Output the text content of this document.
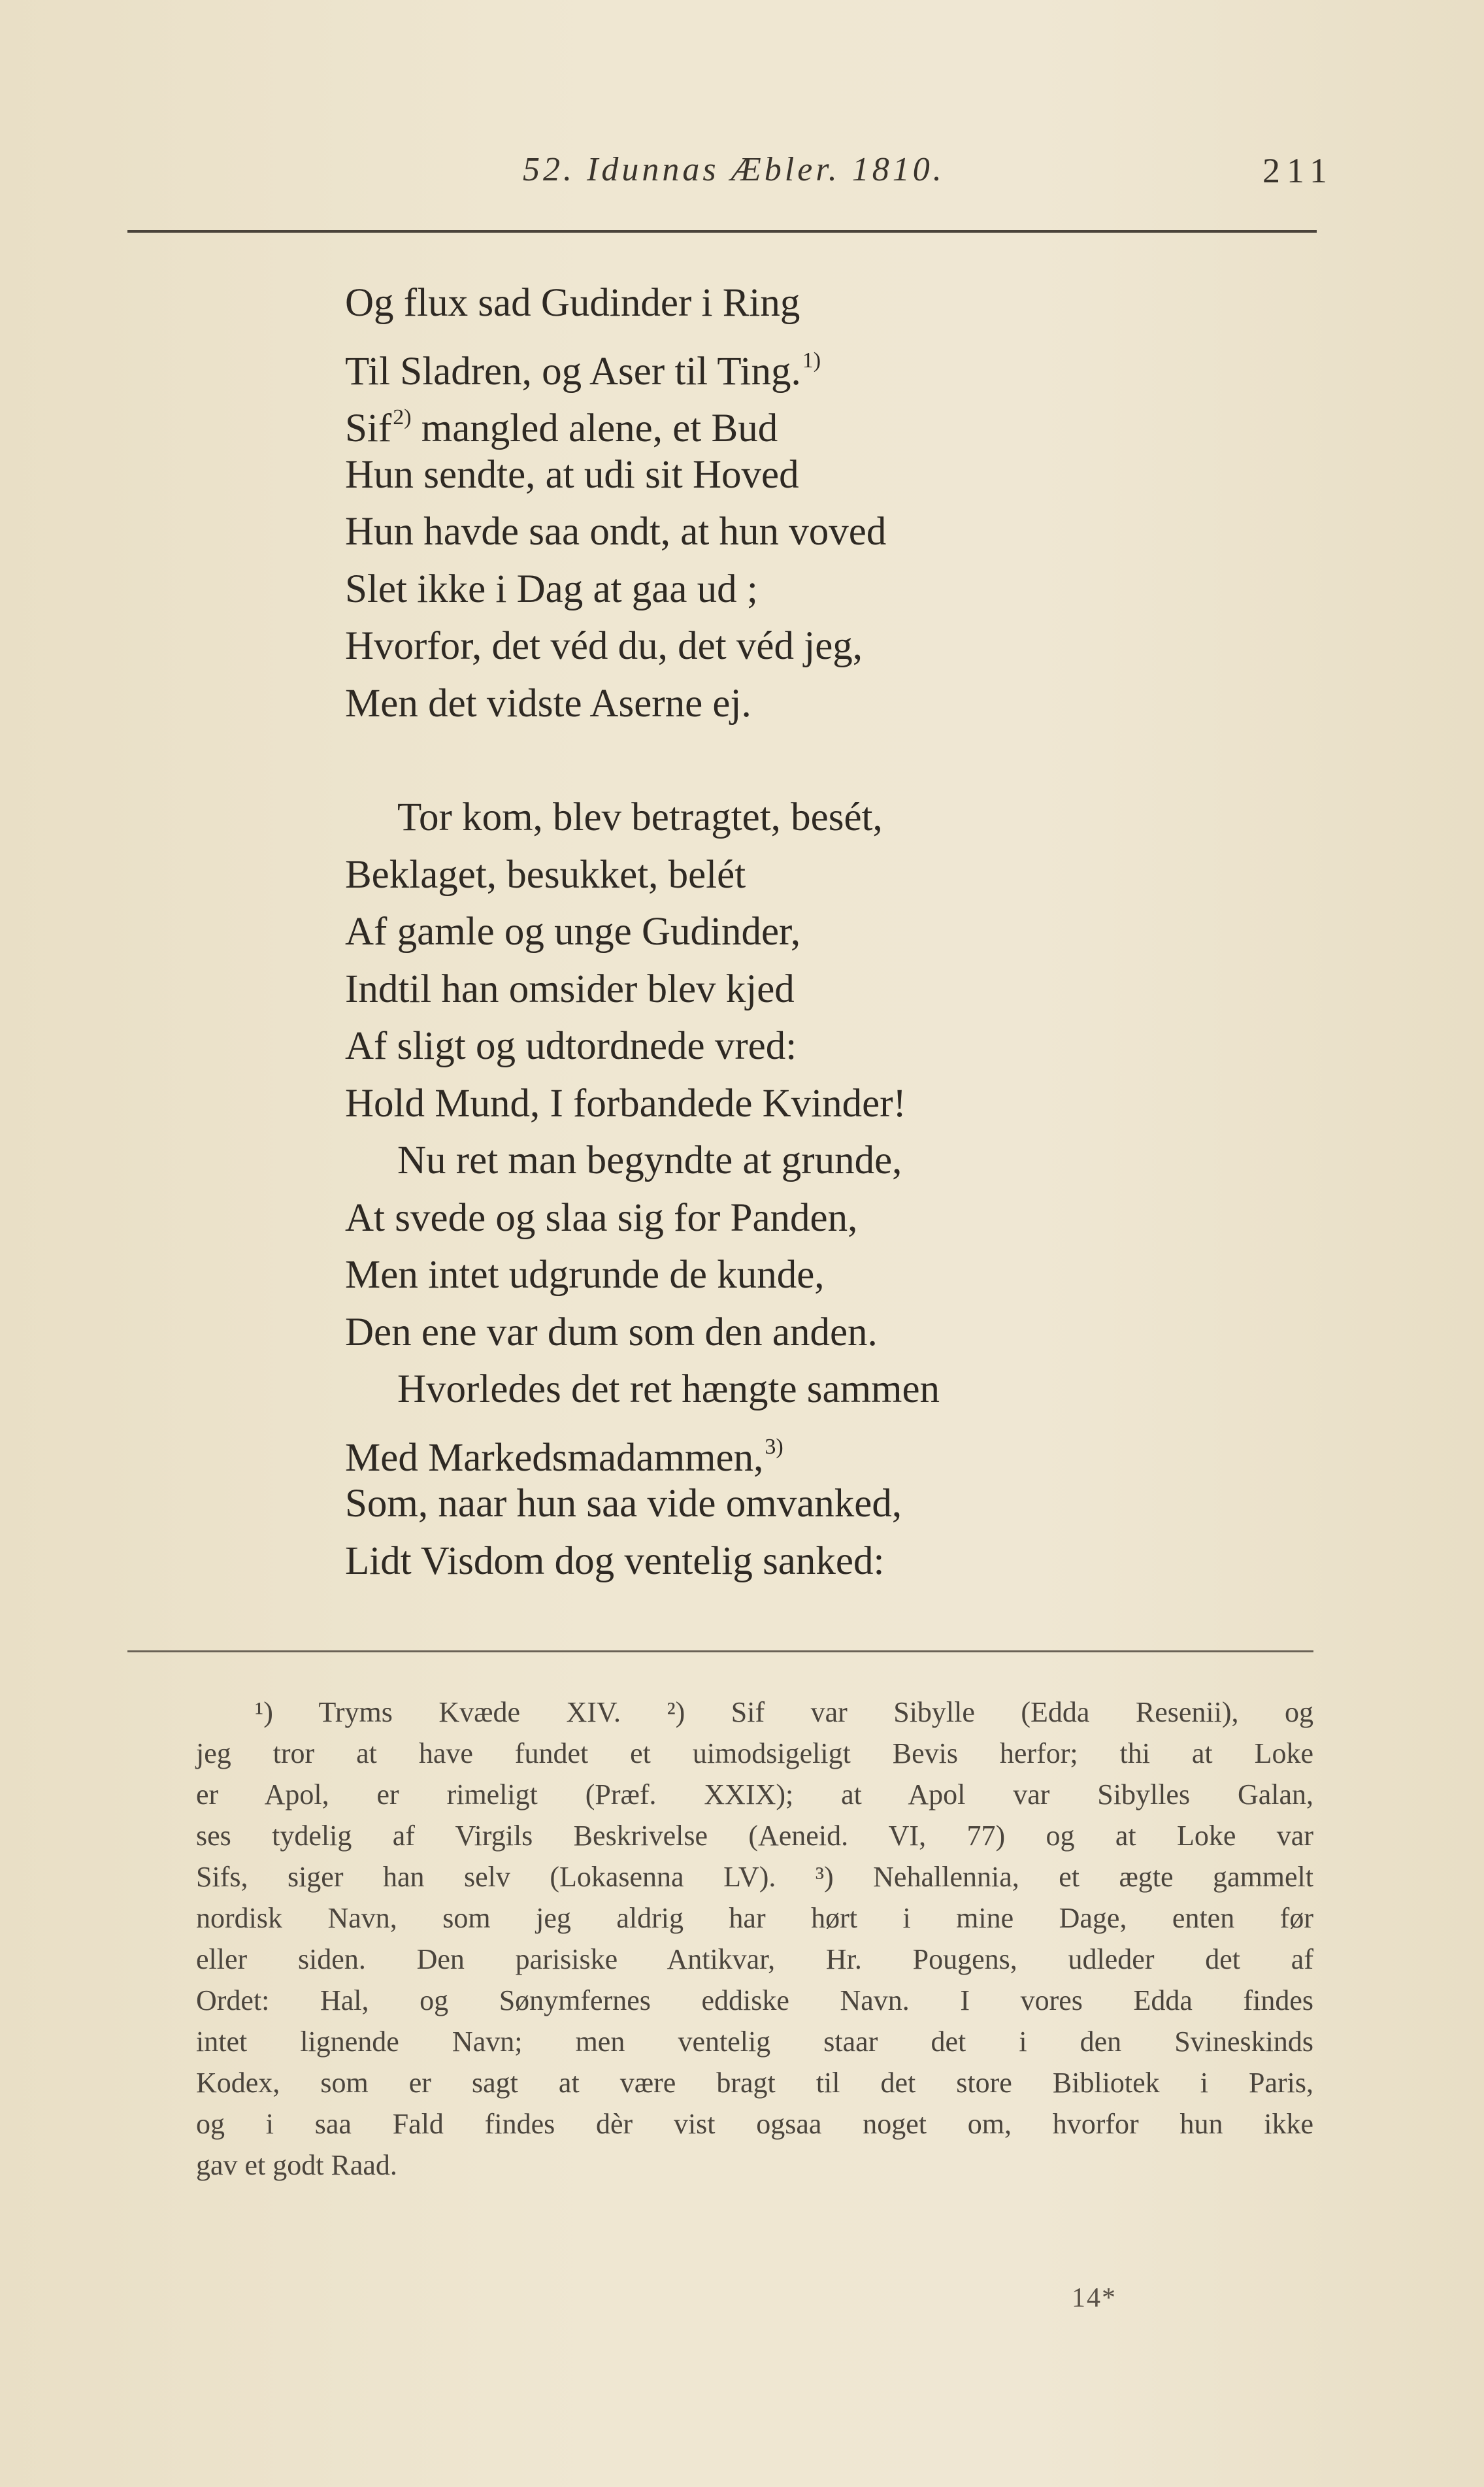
52. Idunnas Æbler. 1810.	211
Og flux sad Gudinder i Ring
Til Sladren, og Aser til Ting.$^{1)}$
Sif$^{2)}$ mangled alene, et Bud
Hun sendte, at udi sit Hoved
Hun havde saa ondt, at hun voved
Slet ikke i Dag at gaa ud ;
Hvorfor, det véd du, det véd jeg,
Men det vidste Aserne ej.
Tor kom, blev betragtet, besét,
Beklaget, besukket, belét
Af gamle og unge Gudinder,
Indtil han omsider blev kjed
Af sligt og udtordnede vred:
Hold Mund, I forbandede Kvinder!
Nu ret man begyndte at grunde,
At svede og slaa sig for Panden,
Men intet udgrunde de kunde,
Den ene var dum som den anden.
Hvorledes det ret hængte sammen
Med Markedsmadammen,$^{3)}$
Som, naar hun saa vide omvanked,
Lidt Visdom dog ventelig sanked:
¹) Tryms Kvæde XIV. ²) Sif var Sibylle (Edda Resenii), og
jeg tror at have fundet et uimodsigeligt Bevis herfor; thi at Loke
er Apol, er rimeligt (Præf. XXIX); at Apol var Sibylles Galan,
ses tydelig af Virgils Beskrivelse (Aeneid. VI, 77) og at Loke var
Sifs, siger han selv (Lokasenna LV). ³) Nehallennia, et ægte gammelt
nordisk Navn, som jeg aldrig har hørt i mine Dage, enten før
eller siden. Den parisiske Antikvar, Hr. Pougens, udleder det af
Ordet: Hal, og Sønymfernes eddiske Navn. I vores Edda findes
intet lignende Navn; men ventelig staar det i den Svineskinds
Kodex, som er sagt at være bragt til det store Bibliotek i Paris,
og i saa Fald findes dèr vist ogsaa noget om, hvorfor hun ikke
gav et godt Raad.
14*
